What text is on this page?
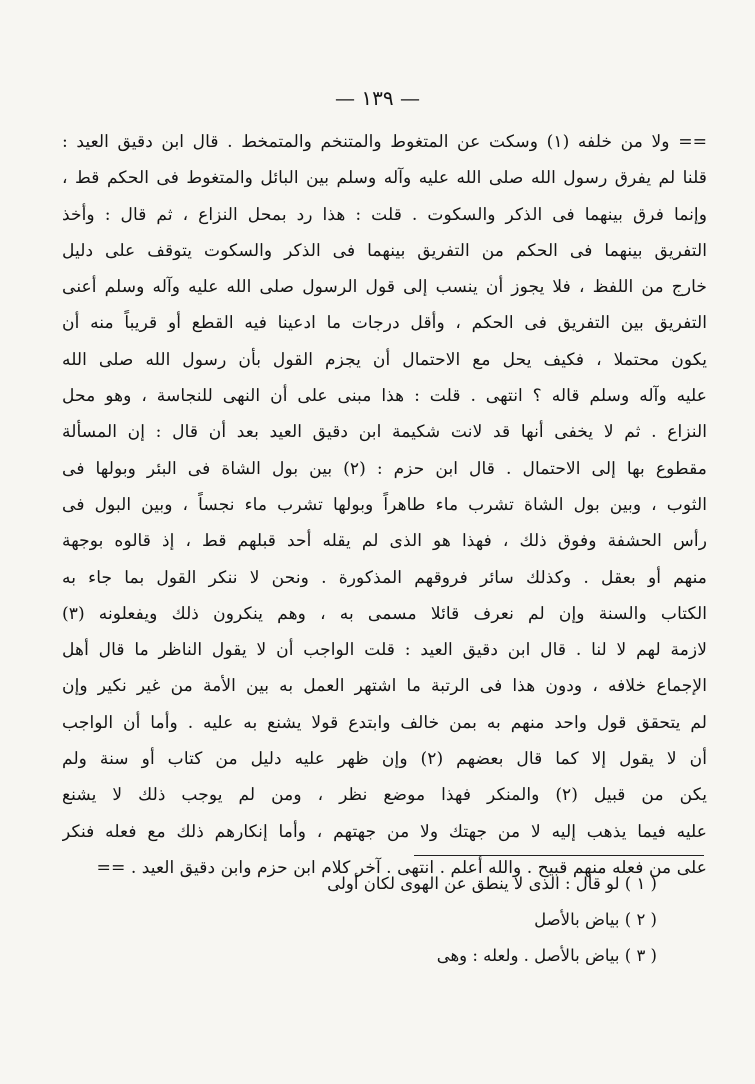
— ١٣٩ —
== ولا من خلفه (١) وسكت عن المتغوط والمتنخم والمتمخط . قال ابن دقيق العيد :
قلنا لم يفرق رسول الله صلى الله عليه وآله وسلم بين البائل والمتغوط فى الحكم قط ،
وإنما فرق بينهما فى الذكر والسكوت . قلت : هذا رد بمحل النزاع ، ثم قال : وأخذ
التفريق بينهما فى الحكم من التفريق بينهما فى الذكر والسكوت يتوقف على دليل
خارج من اللفظ ، فلا يجوز أن ينسب إلى قول الرسول صلى الله عليه وآله وسلم أعنى
التفريق بين التفريق فى الحكم ، وأقل درجات ما ادعينا فيه القطع أو قريباً منه أن
يكون محتملا ، فكيف يحل مع الاحتمال أن يجزم القول بأن رسول الله صلى الله
عليه وآله وسلم قاله ؟ انتهى . قلت : هذا مبنى على أن النهى للنجاسة ، وهو محل
النزاع . ثم لا يخفى أنها قد لانت شكيمة ابن دقيق العيد بعد أن قال : إن المسألة
مقطوع بها إلى الاحتمال . قال ابن حزم : (٢) بين بول الشاة فى البئر وبولها فى
الثوب ، وبين بول الشاة تشرب ماء طاهراً وبولها تشرب ماء نجساً ، وبين البول فى
رأس الحشفة وفوق ذلك ، فهذا هو الذى لم يقله أحد قبلهم قط ، إذ قالوه بوجهة
منهم أو بعقل . وكذلك سائر فروقهم المذكورة . ونحن لا ننكر القول بما جاء به
الكتاب والسنة وإن لم نعرف قائلا مسمى به ، وهم ينكرون ذلك ويفعلونه (٣)
لازمة لهم لا لنا . قال ابن دقيق العيد : قلت الواجب أن لا يقول الناظر ما قال أهل
الإجماع خلافه ، ودون هذا فى الرتبة ما اشتهر العمل به بين الأمة من غير نكير وإن
لم يتحقق قول واحد منهم به بمن خالف وابتدع قولا يشنع به عليه . وأما أن الواجب
أن لا يقول إلا كما قال بعضهم (٢) وإن ظهر عليه دليل من كتاب أو سنة ولم
يكن من قبيل (٢) والمنكر فهذا موضع نظر ، ومن لم يوجب ذلك لا يشنع
عليه فيما يذهب إليه لا من جهتك ولا من جهتهم ، وأما إنكارهم ذلك مع فعله فنكر
على من فعله منهم قبيح . والله أعلم . انتهى . آخر كلام ابن حزم وابن دقيق العيد . ==
( ١ ) لو قال : الذى لا ينطق عن الهوى لكان أولى
( ٢ ) بياض بالأصل
( ٣ ) بياض بالأصل . ولعله : وهى
